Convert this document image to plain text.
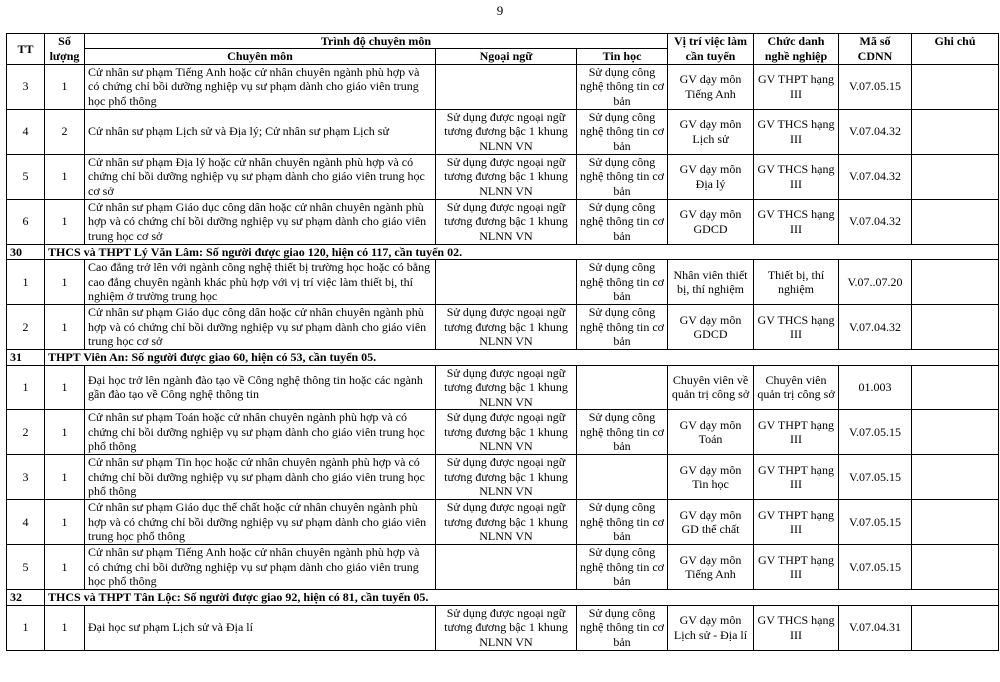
9
TT	Số lượng	Trình độ chuyên môn			Vị trí việc làm cần tuyển	Chức danh nghề nghiệp	Mã số CDNN	Ghi chú
		Chuyên môn	Ngoại ngữ	Tin học				
3	1	Cử nhân sư phạm Tiếng Anh hoặc cử nhân chuyên ngành phù hợp và có chứng chỉ bồi dưỡng nghiệp vụ sư phạm dành cho giáo viên trung học phổ thông		Sử dụng công nghệ thông tin cơ bản	GV dạy môn Tiếng Anh	GV THPT hạng III	V.07.05.15	
4	2	Cử nhân sư phạm Lịch sử và Địa lý; Cử nhân sư phạm Lịch sử	Sử dụng được ngoại ngữ tương đương bậc 1 khung NLNN VN	Sử dụng công nghệ thông tin cơ bản	GV dạy môn Lịch sử	GV THCS hạng III	V.07.04.32	
5	1	Cử nhân sư phạm Địa lý hoặc cử nhân chuyên ngành phù hợp và có chứng chỉ bồi dưỡng nghiệp vụ sư phạm dành cho giáo viên trung học cơ sở	Sử dụng được ngoại ngữ tương đương bậc 1 khung NLNN VN	Sử dụng công nghệ thông tin cơ bản	GV dạy môn Địa lý	GV THCS hạng III	V.07.04.32	
6	1	Cử nhân sư phạm Giáo dục công dân hoặc cử nhân chuyên ngành phù hợp và có chứng chỉ bồi dưỡng nghiệp vụ sư phạm dành cho giáo viên trung học cơ sở	Sử dụng được ngoại ngữ tương đương bậc 1 khung NLNN VN	Sử dụng công nghệ thông tin cơ bản	GV dạy môn GDCD	GV THCS hạng III	V.07.04.32	
30	THCS và THPT Lý Văn Lâm: Số người được giao 120, hiện có 117, cần tuyển 02.							
1	1	Cao đẳng trở lên với ngành công nghệ thiết bị trường học hoặc có bằng cao đẳng chuyên ngành khác phù hợp với vị trí việc làm thiết bị, thí nghiệm ở trường trung học		Sử dụng công nghệ thông tin cơ bản	Nhân viên thiết bị, thí nghiệm	Thiết bị, thí nghiệm	V.07..07.20	
2	1	Cử nhân sư phạm Giáo dục công dân hoặc cử nhân chuyên ngành phù hợp và có chứng chỉ bồi dưỡng nghiệp vụ sư phạm dành cho giáo viên trung học cơ sở	Sử dụng được ngoại ngữ tương đương bậc 1 khung NLNN VN	Sử dụng công nghệ thông tin cơ bản	GV dạy môn GDCD	GV THCS hạng III	V.07.04.32	
31	THPT Viên An: Số người được giao 60, hiện có 53, cần tuyển 05.							
1	1	Đại học trở lên ngành đào tạo về Công nghệ thông tin hoặc các ngành gần đào tạo về Công nghệ thông tin	Sử dụng được ngoại ngữ tương đương bậc 1 khung NLNN VN		Chuyên viên về quản trị công sở	Chuyên viên quản trị công sở	01.003	
2	1	Cử nhân sư phạm Toán hoặc cử nhân chuyên ngành phù hợp và có chứng chỉ bồi dưỡng nghiệp vụ sư phạm dành cho giáo viên trung học phổ thông	Sử dụng được ngoại ngữ tương đương bậc 1 khung NLNN VN	Sử dụng công nghệ thông tin cơ bản	GV dạy môn Toán	GV THPT hạng III	V.07.05.15	
3	1	Cử nhân sư phạm Tin học hoặc cử nhân chuyên ngành phù hợp và có chứng chỉ bồi dưỡng nghiệp vụ sư phạm dành cho giáo viên trung học phổ thông	Sử dụng được ngoại ngữ tương đương bậc 1 khung NLNN VN		GV dạy môn Tin học	GV THPT hạng III	V.07.05.15	
4	1	Cử nhân sư phạm Giáo dục thể chất hoặc cử nhân chuyên ngành phù hợp và có chứng chỉ bồi dưỡng nghiệp vụ sư phạm dành cho giáo viên trung học phổ thông	Sử dụng được ngoại ngữ tương đương bậc 1 khung NLNN VN	Sử dụng công nghệ thông tin cơ bản	GV dạy môn GD thể chất	GV THPT hạng III	V.07.05.15	
5	1	Cử nhân sư phạm Tiếng Anh hoặc cử nhân chuyên ngành phù hợp và có chứng chỉ bồi dưỡng nghiệp vụ sư phạm dành cho giáo viên trung học phổ thông		Sử dụng công nghệ thông tin cơ bản	GV dạy môn Tiếng Anh	GV THPT hạng III	V.07.05.15	
32	THCS và THPT Tân Lộc: Số người được giao 92, hiện có 81, cần tuyển 05.							
1	1	Đại học sư phạm Lịch sử và Địa lí	Sử dụng được ngoại ngữ tương đương bậc 1 khung NLNN VN	Sử dụng công nghệ thông tin cơ bản	GV dạy môn Lịch sử - Địa lí	GV THCS hạng III	V.07.04.31	
